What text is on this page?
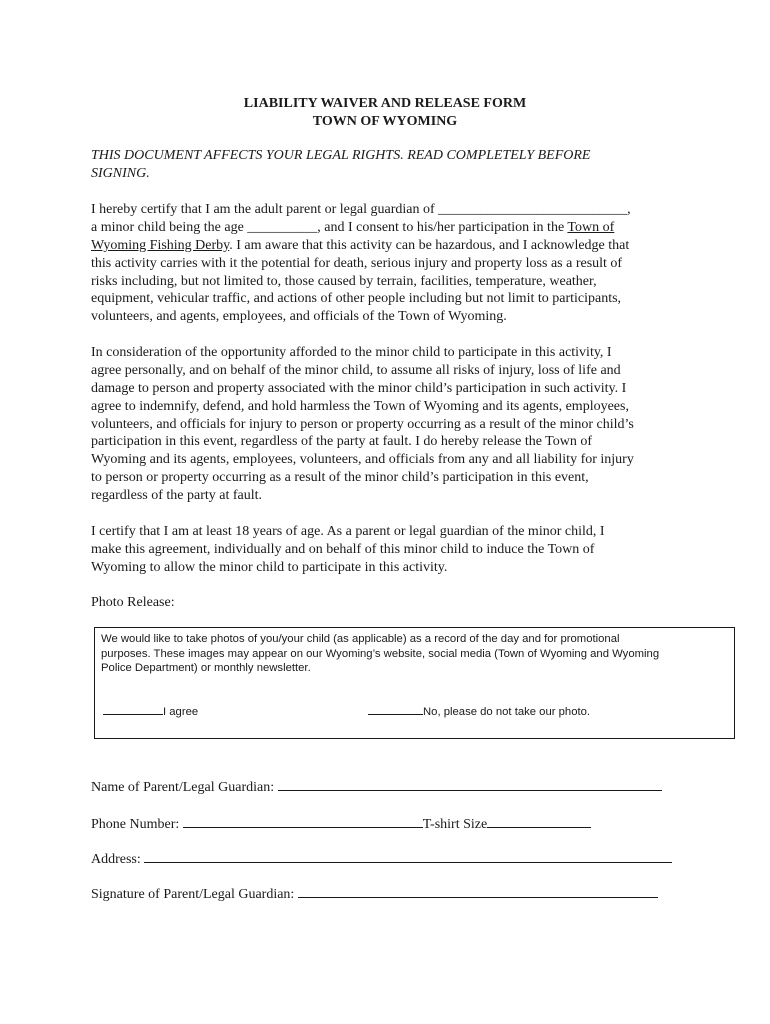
LIABILITY WAIVER AND RELEASE FORM
TOWN OF WYOMING
THIS DOCUMENT AFFECTS YOUR LEGAL RIGHTS. READ COMPLETELY BEFORE
SIGNING.
I hereby certify that I am the adult parent or legal guardian of ___________________________,
a minor child being the age __________, and I consent to his/her participation in the Town of
Wyoming Fishing Derby. I am aware that this activity can be hazardous, and I acknowledge that
this activity carries with it the potential for death, serious injury and property loss as a result of
risks including, but not limited to, those caused by terrain, facilities, temperature, weather,
equipment, vehicular traffic, and actions of other people including but not limit to participants,
volunteers, and agents, employees, and officials of the Town of Wyoming.
In consideration of the opportunity afforded to the minor child to participate in this activity, I
agree personally, and on behalf of the minor child, to assume all risks of injury, loss of life and
damage to person and property associated with the minor child’s participation in such activity. I
agree to indemnify, defend, and hold harmless the Town of Wyoming and its agents, employees,
volunteers, and officials for injury to person or property occurring as a result of the minor child’s
participation in this event, regardless of the party at fault. I do hereby release the Town of
Wyoming and its agents, employees, volunteers, and officials from any and all liability for injury
to person or property occurring as a result of the minor child’s participation in this event,
regardless of the party at fault.
I certify that I am at least 18 years of age. As a parent or legal guardian of the minor child, I
make this agreement, individually and on behalf of this minor child to induce the Town of
Wyoming to allow the minor child to participate in this activity.
Photo Release:
We would like to take photos of you/your child (as applicable) as a record of the day and for promotional
purposes. These images may appear on our Wyoming’s website, social media (Town of Wyoming and Wyoming
Police Department) or monthly newsletter.
I agree	No, please do not take our photo.
Name of Parent/Legal Guardian:
Phone Number:	T-shirt Size
Address:
Signature of Parent/Legal Guardian:
